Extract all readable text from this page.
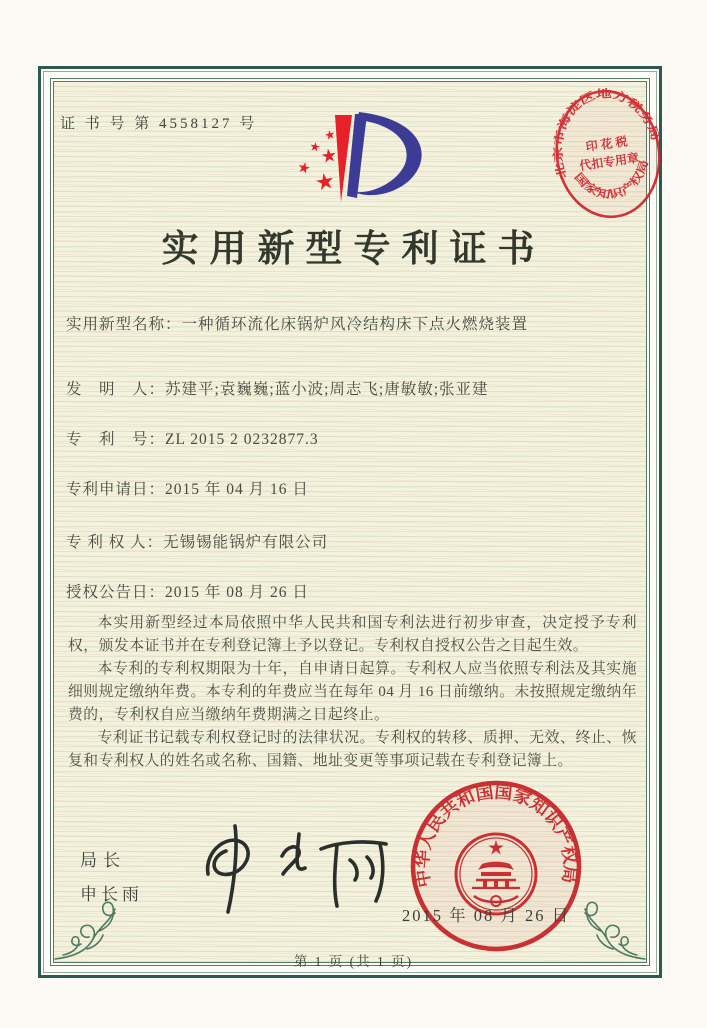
证 书 号 第 4558127 号
北京市海淀区地方税务局
国家知识产权局
印 花 税
代扣专用章
实用新型专利证书
实用新型名称：一种循环流化床锅炉风冷结构床下点火燃烧装置
发　明　人：苏建平;袁巍巍;蓝小波;周志飞;唐敏敏;张亚建
专　利　号：ZL 2015 2 0232877.3
专利申请日：2015 年 04 月 16 日
专 利 权 人：无锡锡能锅炉有限公司
授权公告日：2015 年 08 月 26 日

本实用新型经过本局依照中华人民共和国专利法进行初步审查，决定授予专利权，颁发本证书并在专利登记簿上予以登记。专利权自授权公告之日起生效。

本专利的专利权期限为十年，自申请日起算。专利权人应当依照专利法及其实施细则规定缴纳年费。本专利的年费应当在每年 04 月 16 日前缴纳。未按照规定缴纳年费的，专利权自应当缴纳年费期满之日起终止。

专利证书记载专利权登记时的法律状况。专利权的转移、质押、无效、终止、恢复和专利权人的姓名或名称、国籍、地址变更等事项记载在专利登记簿上。

局长
申长雨
2015 年 08 月 26 日
中华人民共和国国家知识产权局
第 1 页 (共 1 页)
